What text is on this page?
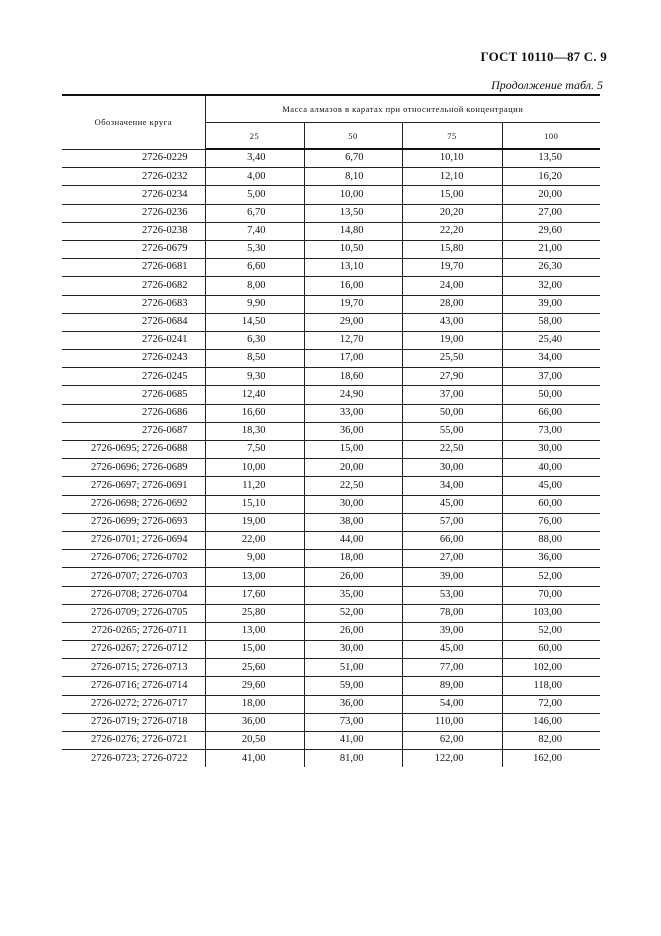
ГОСТ 10110—87 С. 9
Продолжение табл. 5
Обозначение круга	Масса алмазов в каратах при относительной концентрации			
	25	50	75	100
2726-0229	3,40	6,70	10,10	13,50
2726-0232	4,00	8,10	12,10	16,20
2726-0234	5,00	10,00	15,00	20,00
2726-0236	6,70	13,50	20,20	27,00
2726-0238	7,40	14,80	22,20	29,60
2726-0679	5,30	10,50	15,80	21,00
2726-0681	6,60	13,10	19,70	26,30
2726-0682	8,00	16,00	24,00	32,00
2726-0683	9,90	19,70	28,00	39,00
2726-0684	14,50	29,00	43,00	58,00
2726-0241	6,30	12,70	19,00	25,40
2726-0243	8,50	17,00	25,50	34,00
2726-0245	9,30	18,60	27,90	37,00
2726-0685	12,40	24,90	37,00	50,00
2726-0686	16,60	33,00	50,00	66,00
2726-0687	18,30	36,00	55,00	73,00
2726-0695; 2726-0688	7,50	15,00	22,50	30,00
2726-0696; 2726-0689	10,00	20,00	30,00	40,00
2726-0697; 2726-0691	11,20	22,50	34,00	45,00
2726-0698; 2726-0692	15,10	30,00	45,00	60,00
2726-0699; 2726-0693	19,00	38,00	57,00	76,00
2726-0701; 2726-0694	22,00	44,00	66,00	88,00
2726-0706; 2726-0702	9,00	18,00	27,00	36,00
2726-0707; 2726-0703	13,00	26,00	39,00	52,00
2726-0708; 2726-0704	17,60	35,00	53,00	70,00
2726-0709; 2726-0705	25,80	52,00	78,00	103,00
2726-0265; 2726-0711	13,00	26,00	39,00	52,00
2726-0267; 2726-0712	15,00	30,00	45,00	60,00
2726-0715; 2726-0713	25,60	51,00	77,00	102,00
2726-0716; 2726-0714	29,60	59,00	89,00	118,00
2726-0272; 2726-0717	18,00	36,00	54,00	72,00
2726-0719; 2726-0718	36,00	73,00	110,00	146,00
2726-0276; 2726-0721	20,50	41,00	62,00	82,00
2726-0723; 2726-0722	41,00	81,00	122,00	162,00
